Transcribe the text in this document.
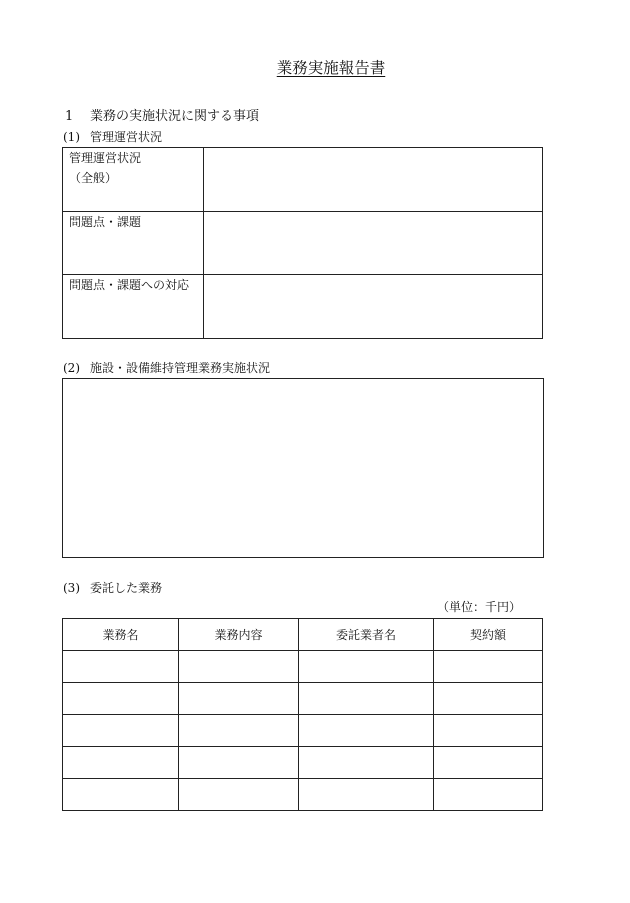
業務実施報告書
1 業務の実施状況に関する事項
(1) 管理運営状況
管理運営状況
（全般）	

問題点・課題	

問題点・課題への対応	

(2) 施設・設備維持管理業務実施状況
(3) 委託した業務
（単位：千円）
業務名	業務内容	委託業者名	契約額
